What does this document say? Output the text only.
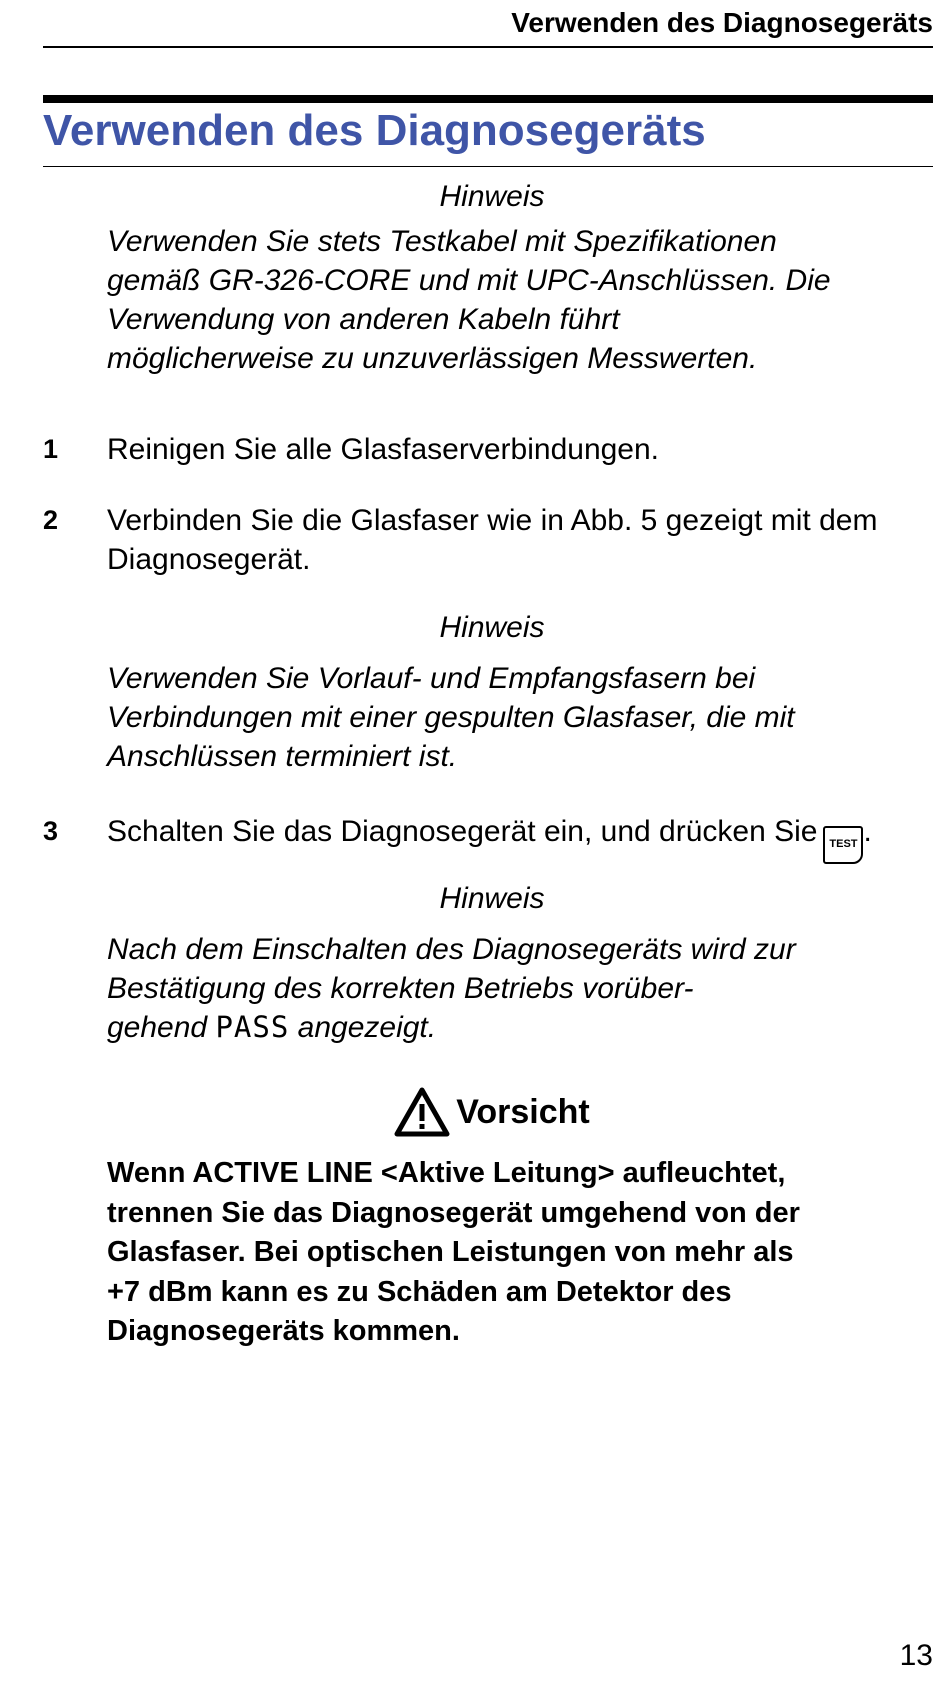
Verwenden des Diagnosegeräts
Verwenden des Diagnosegeräts
Hinweis
Verwenden Sie stets Testkabel mit Spezifikationen
gemäß GR-326-CORE und mit UPC-Anschlüssen. Die
Verwendung von anderen Kabeln führt
möglicherweise zu unzuverlässigen Messwerten.
1 Reinigen Sie alle Glasfaserverbindungen.
2 Verbinden Sie die Glasfaser wie in Abb. 5 gezeigt mit dem
Diagnosegerät.
Hinweis
Verwenden Sie Vorlauf- und Empfangsfasern bei
Verbindungen mit einer gespulten Glasfaser, die mit
Anschlüssen terminiert ist.
3 Schalten Sie das Diagnosegerät ein, und drücken Sie TEST .
Hinweis
Nach dem Einschalten des Diagnosegeräts wird zur
Bestätigung des korrekten Betriebs vorüber-
gehend PASS angezeigt.
Vorsicht
Wenn ACTIVE LINE <Aktive Leitung> aufleuchtet,
trennen Sie das Diagnosegerät umgehend von der
Glasfaser. Bei optischen Leistungen von mehr als
+7 dBm kann es zu Schäden am Detektor des
Diagnosegeräts kommen.
13
